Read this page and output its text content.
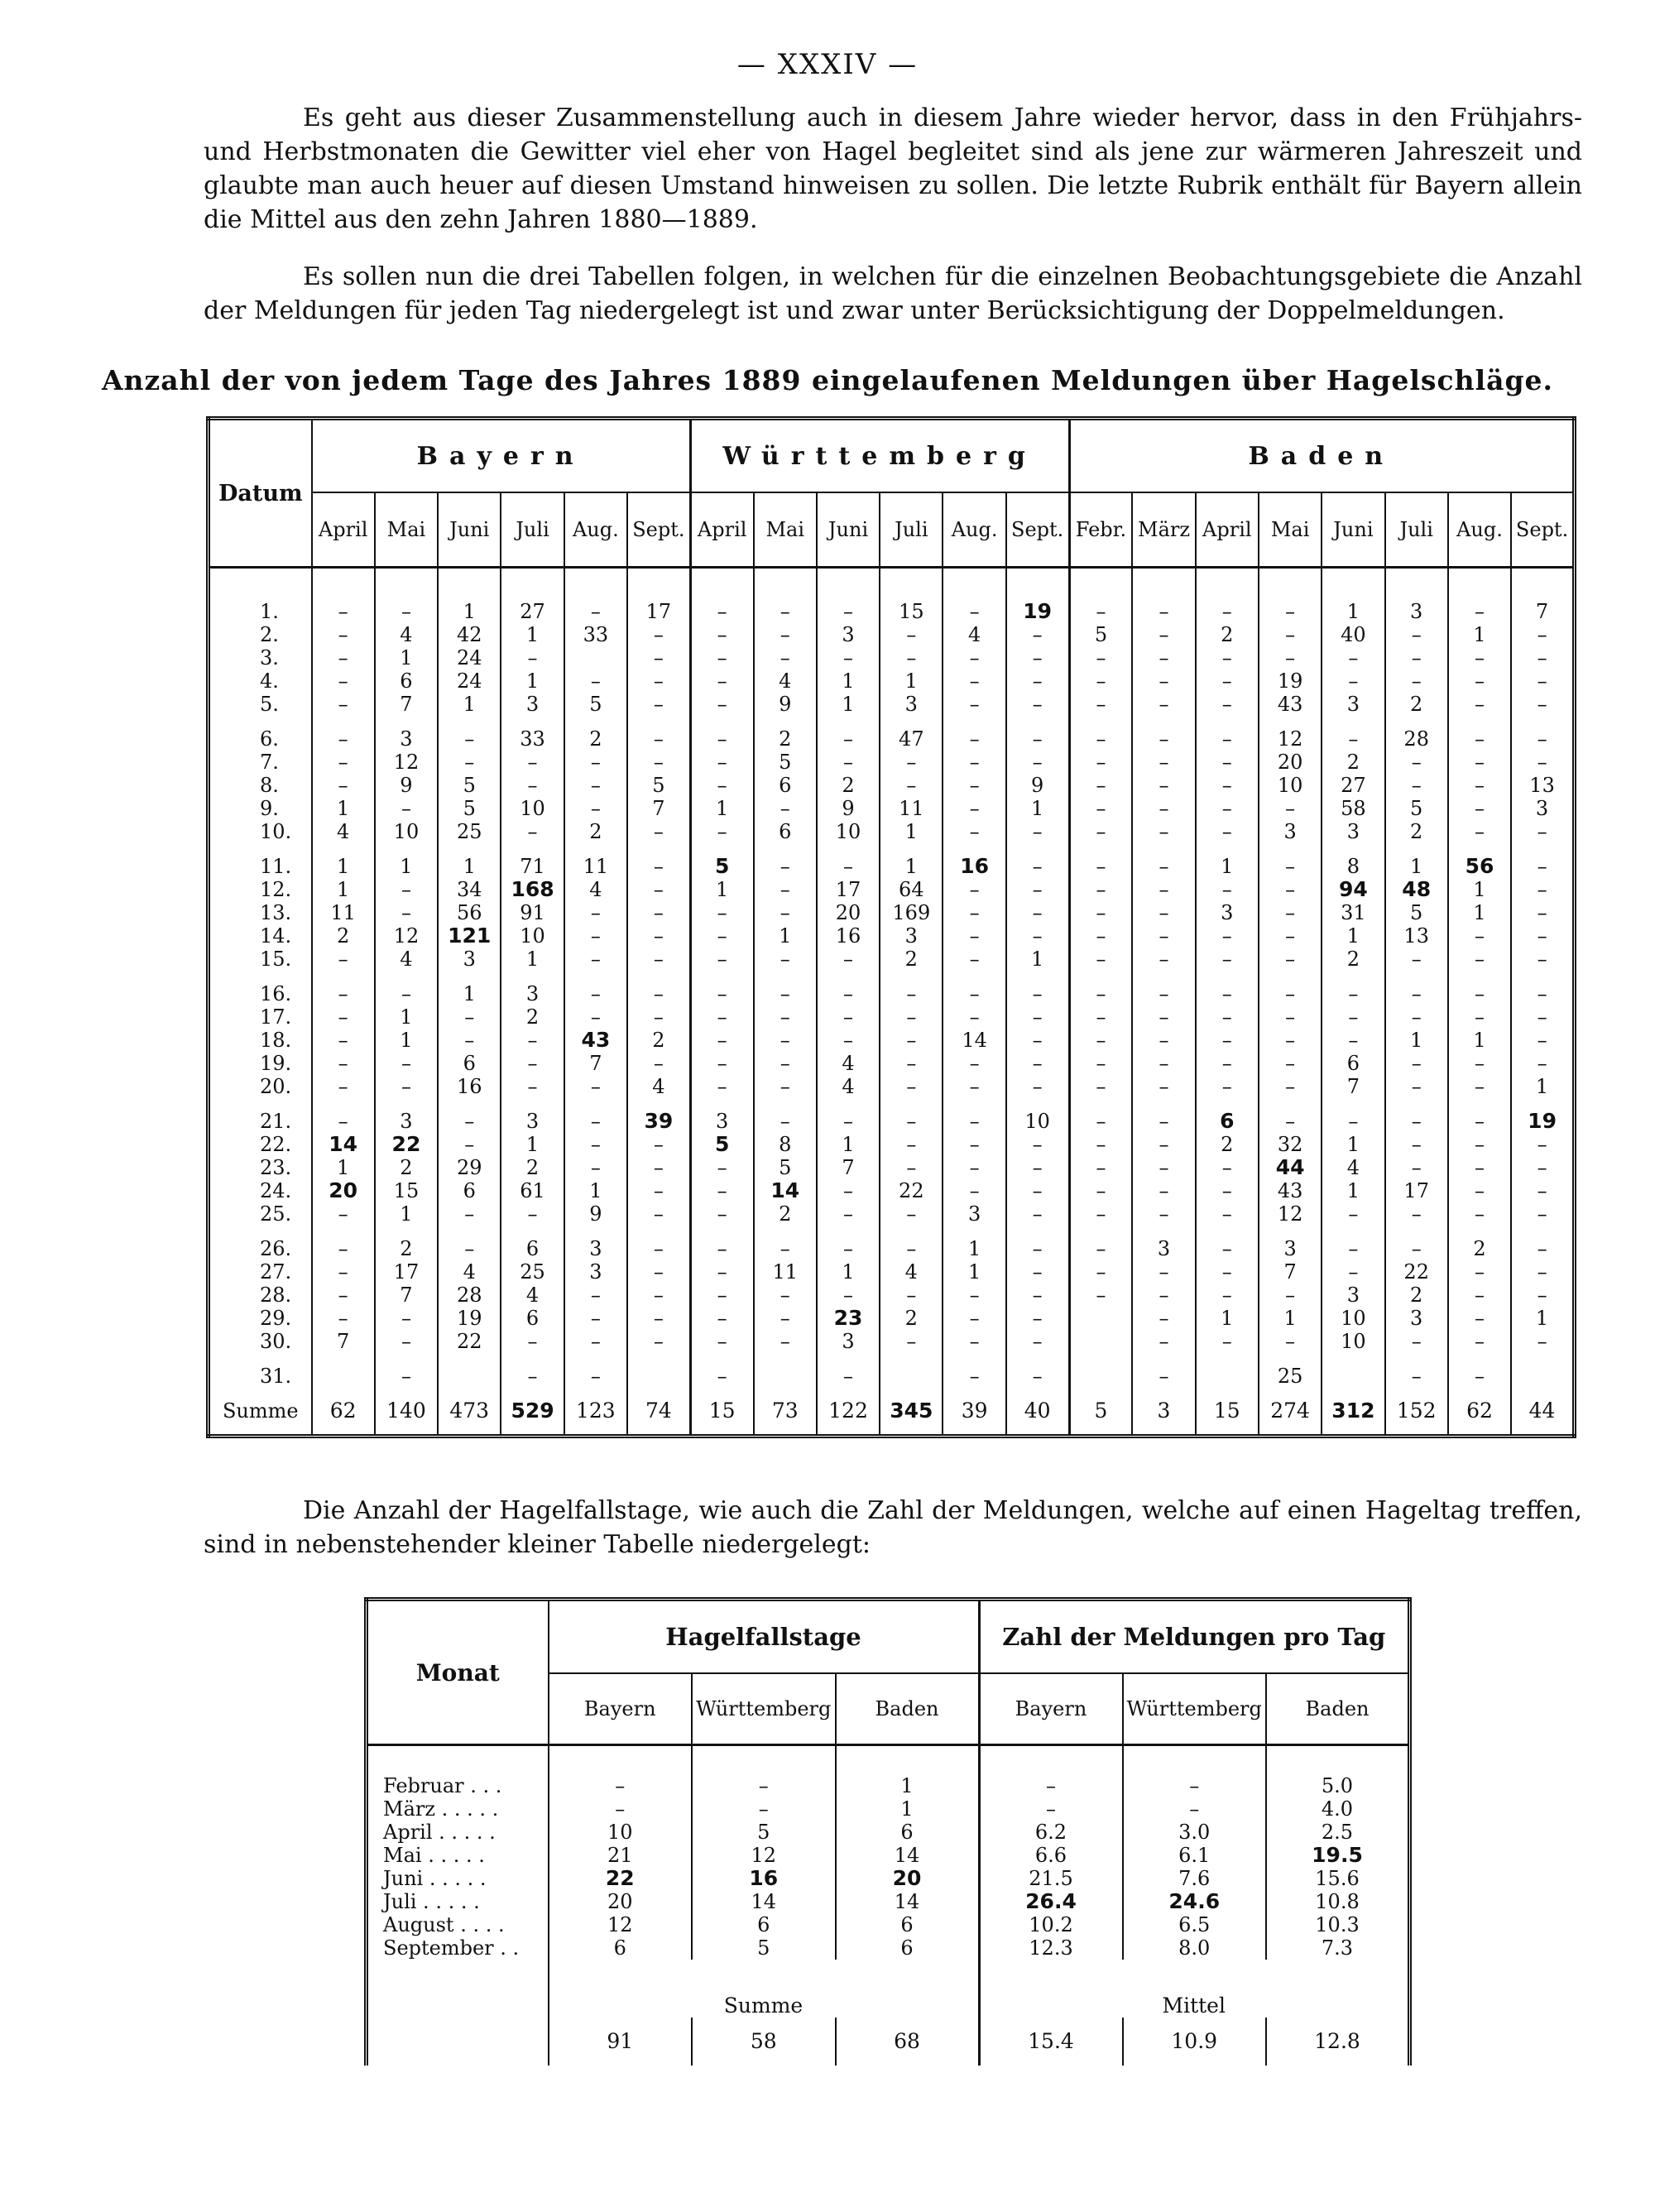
— XXXIV —

Es geht aus dieser Zusammenstellung auch in diesem Jahre wieder hervor, dass in den Frühjahrs- und Herbstmonaten die Gewitter viel eher von Hagel begleitet sind als jene zur wärmeren Jahreszeit und glaubte man auch heuer auf diesen Umstand hinweisen zu sollen. Die letzte Rubrik enthält für Bayern allein die Mittel aus den zehn Jahren 1880—1889.

Es sollen nun die drei Tabellen folgen, in welchen für die einzelnen Beobachtungsgebiete die Anzahl der Meldungen für jeden Tag niedergelegt ist und zwar unter Berücksichtigung der Doppelmeldungen.

Anzahl der von jedem Tage des Jahres 1889 eingelaufenen Meldungen über Hagelschläge.
Datum	Bayern						Württemberg						Baden							
	April	Mai	Juni	Juli	Aug.	Sept.	April	Mai	Juni	Juli	Aug.	Sept.	Febr.	März	April	Mai	Juni	Juli	Aug.	Sept.
1.	–	–	1	27	–	17	–	–	–	15	–	19	–	–	–	–	1	3	–	7
2.	–	4	42	1	33	–	–	–	3	–	4	–	5	–	2	–	40	–	1	–
3.	–	1	24	–		–	–	–	–	–	–	–	–	–	–	–	–	–	–	–
4.	–	6	24	1	–	–	–	4	1	1	–	–	–	–	–	19	–	–	–	–
5.	–	7	1	3	5	–	–	9	1	3	–	–	–	–	–	43	3	2	–	–

6.	–	3	–	33	2	–	–	2	–	47	–	–	–	–	–	12	–	28	–	–
7.	–	12	–	–	–	–	–	5	–	–	–	–	–	–	–	20	2	–	–	–
8.	–	9	5	–	–	5	–	6	2	–	–	9	–	–	–	10	27	–	–	13
9.	1	–	5	10	–	7	1	–	9	11	–	1	–	–	–	–	58	5	–	3
10.	4	10	25	–	2	–	–	6	10	1	–	–	–	–	–	3	3	2	–	–

11.	1	1	1	71	11	–	5	–	–	1	16	–	–	–	1	–	8	1	56	–
12.	1	–	34	168	4	–	1	–	17	64	–	–	–	–	–	–	94	48	1	–
13.	11	–	56	91	–	–	–	–	20	169	–	–	–	–	3	–	31	5	1	–
14.	2	12	121	10	–	–	–	1	16	3	–	–	–	–	–	–	1	13	–	–
15.	–	4	3	1	–	–	–	–	–	2	–	1	–	–	–	–	2	–	–	–

16.	–	–	1	3	–	–	–	–	–	–	–	–	–	–	–	–	–	–	–	–
17.	–	1	–	2	–	–	–	–	–	–	–	–	–	–	–	–	–	–	–	–
18.	–	1	–	–	43	2	–	–	–	–	14	–	–	–	–	–	–	1	1	–
19.	–	–	6	–	7	–	–	–	4	–	–	–	–	–	–	–	6	–	–	–
20.	–	–	16	–	–	4	–	–	4	–	–	–	–	–	–	–	7	–	–	1

21.	–	3	–	3	–	39	3	–	–	–	–	10	–	–	6	–	–	–	–	19
22.	14	22	–	1	–	–	5	8	1	–	–	–	–	–	2	32	1	–	–	–
23.	1	2	29	2	–	–	–	5	7	–	–	–	–	–	–	44	4	–	–	–
24.	20	15	6	61	1	–	–	14	–	22	–	–	–	–	–	43	1	17	–	–
25.	–	1	–	–	9	–	–	2	–	–	3	–	–	–	–	12	–	–	–	–

26.	–	2	–	6	3	–	–	–	–	–	1	–	–	3	–	3	–	–	2	–
27.	–	17	4	25	3	–	–	11	1	4	1	–	–	–	–	7	–	22	–	–
28.	–	7	28	4	–	–	–	–	–	–	–	–	–	–	–	–	3	2	–	–
29.	–	–	19	6	–	–	–	–	23	2	–	–		–	1	1	10	3	–	1
30.	7	–	22	–	–	–	–	–	3	–	–	–		–	–	–	10	–	–	–

31.		–		–	–		–		–		–	–		–		25		–	–	
Summe	62	140	473	529	123	74	15	73	122	345	39	40	5	3	15	274	312	152	62	44

Die Anzahl der Hagelfallstage, wie auch die Zahl der Meldungen, welche auf einen Hageltag treffen, sind in nebenstehender kleiner Tabelle niedergelegt:

Monat	Hagelfallstage			Zahl der Meldungen pro Tag		
	Bayern	Württemberg	Baden	Bayern	Württemberg	Baden
Februar . . .	–	–	1	–	–	5.0
März . . . . .	–	–	1	–	–	4.0
April . . . . .	10	5	6	6.2	3.0	2.5
Mai . . . . .	21	12	14	6.6	6.1	19.5
Juni . . . . .	22	16	20	21.5	7.6	15.6
Juli . . . . .	20	14	14	26.4	24.6	10.8
August . . . .	12	6	6	10.2	6.5	10.3
September . .	6	5	6	12.3	8.0	7.3
	Summe			Mittel		
	91	58	68	15.4	10.9	12.8
